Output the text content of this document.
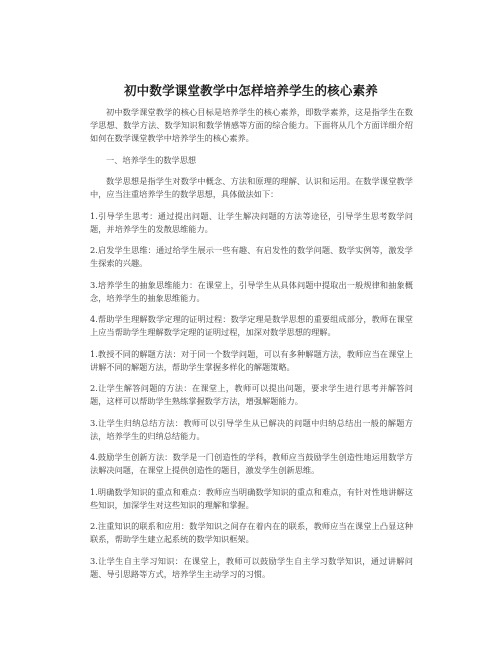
初中数学课堂教学中怎样培养学生的核心素养

初中数学课堂教学的核心目标是培养学生的核心素养，即数学素养，这是指学生在数学思想、数学方法、数学知识和数学情感等方面的综合能力。下面将从几个方面详细介绍如何在数学课堂教学中培养学生的核心素养。

一、培养学生的数学思想

数学思想是指学生对数学中概念、方法和原理的理解、认识和运用。在数学课堂教学中，应当注重培养学生的数学思想，具体做法如下：

1.引导学生思考：通过提出问题、让学生解决问题的方法等途径，引导学生思考数学问题，并培养学生的发散思维能力。

2.启发学生思维：通过给学生展示一些有趣、有启发性的数学问题、数学实例等，激发学生探索的兴趣。

3.培养学生的抽象思维能力：在课堂上，引导学生从具体问题中提取出一般规律和抽象概念，培养学生的抽象思维能力。

4.帮助学生理解数学定理的证明过程：数学定理是数学思想的重要组成部分，教师在课堂上应当帮助学生理解数学定理的证明过程，加深对数学思想的理解。

1.教授不同的解题方法：对于同一个数学问题，可以有多种解题方法，教师应当在课堂上讲解不同的解题方法，帮助学生掌握多样化的解题策略。

2.让学生解答问题的方法：在课堂上，教师可以提出问题，要求学生进行思考并解答问题，这样可以帮助学生熟练掌握数学方法，增强解题能力。

3.让学生归纳总结方法：教师可以引导学生从已解决的问题中归纳总结出一般的解题方法，培养学生的归纳总结能力。

4.鼓励学生创新方法：数学是一门创造性的学科，教师应当鼓励学生创造性地运用数学方法解决问题，在课堂上提供创造性的题目，激发学生创新思维。

1.明确数学知识的重点和难点：教师应当明确数学知识的重点和难点，有针对性地讲解这些知识，加深学生对这些知识的理解和掌握。

2.注重知识的联系和应用：数学知识之间存在着内在的联系，教师应当在课堂上凸显这种联系，帮助学生建立起系统的数学知识框架。

3.让学生自主学习知识：在课堂上，教师可以鼓励学生自主学习数学知识，通过讲解问题、导引思路等方式，培养学生主动学习的习惯。
